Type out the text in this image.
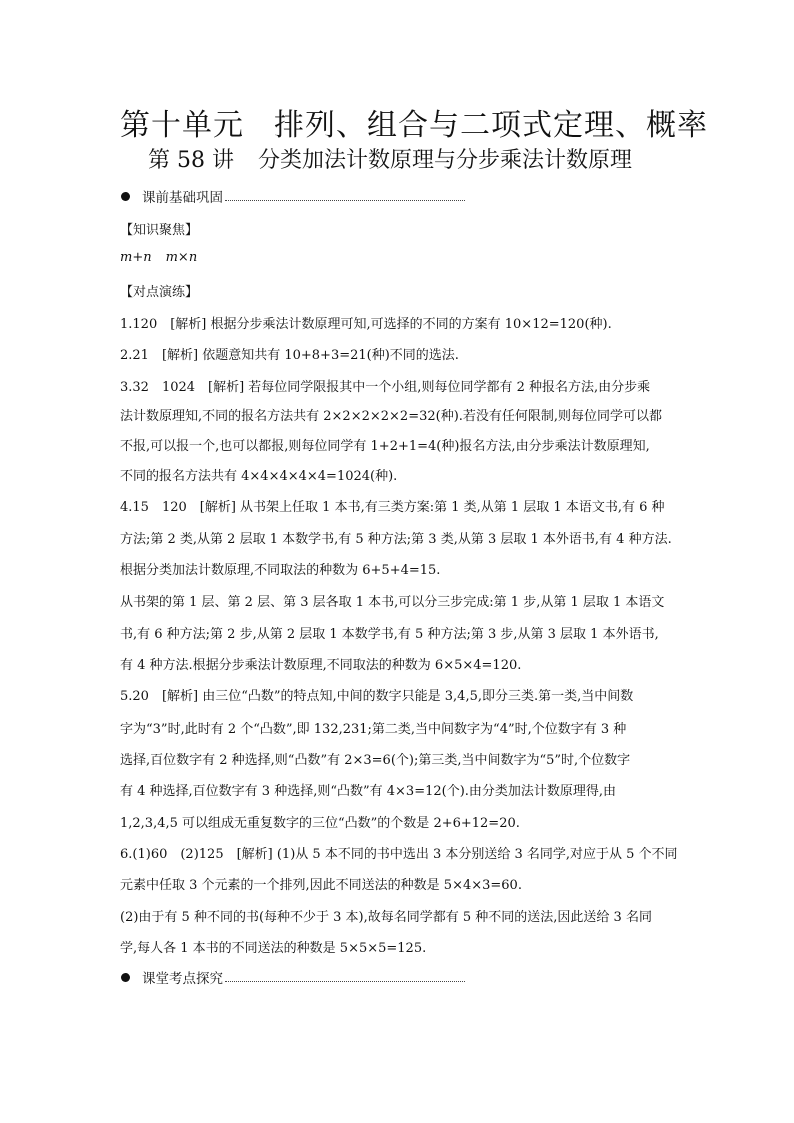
第十单元 排列、组合与二项式定理、概率
第 58 讲 分类加法计数原理与分步乘法计数原理
课前基础巩固
【知识聚焦】
m+n m×n
【对点演练】
1.120　[解析] 根据分步乘法计数原理可知,可选择的不同的方案有 10×12=120(种).
2.21　[解析] 依题意知共有 10+8+3=21(种)不同的选法.
3.32　1024　[解析] 若每位同学限报其中一个小组,则每位同学都有 2 种报名方法,由分步乘
法计数原理知,不同的报名方法共有 2×2×2×2×2=32(种).若没有任何限制,则每位同学可以都
不报,可以报一个,也可以都报,则每位同学有 1+2+1=4(种)报名方法,由分步乘法计数原理知,
不同的报名方法共有 4×4×4×4×4=1024(种).
4.15　120　[解析] 从书架上任取 1 本书,有三类方案:第 1 类,从第 1 层取 1 本语文书,有 6 种
方法;第 2 类,从第 2 层取 1 本数学书,有 5 种方法;第 3 类,从第 3 层取 1 本外语书,有 4 种方法.
根据分类加法计数原理,不同取法的种数为 6+5+4=15.
从书架的第 1 层、第 2 层、第 3 层各取 1 本书,可以分三步完成:第 1 步,从第 1 层取 1 本语文
书,有 6 种方法;第 2 步,从第 2 层取 1 本数学书,有 5 种方法;第 3 步,从第 3 层取 1 本外语书,
有 4 种方法.根据分步乘法计数原理,不同取法的种数为 6×5×4=120.
5.20　[解析] 由三位“凸数”的特点知,中间的数字只能是 3,4,5,即分三类.第一类,当中间数
字为“3”时,此时有 2 个“凸数”,即 132,231;第二类,当中间数字为“4”时,个位数字有 3 种
选择,百位数字有 2 种选择,则“凸数”有 2×3=6(个);第三类,当中间数字为“5”时,个位数字
有 4 种选择,百位数字有 3 种选择,则“凸数”有 4×3=12(个).由分类加法计数原理得,由
1,2,3,4,5 可以组成无重复数字的三位“凸数”的个数是 2+6+12=20.
6.(1)60　(2)125　[解析] (1)从 5 本不同的书中选出 3 本分别送给 3 名同学,对应于从 5 个不同
元素中任取 3 个元素的一个排列,因此不同送法的种数是 5×4×3=60.
(2)由于有 5 种不同的书(每种不少于 3 本),故每名同学都有 5 种不同的送法,因此送给 3 名同
学,每人各 1 本书的不同送法的种数是 5×5×5=125.
课堂考点探究
